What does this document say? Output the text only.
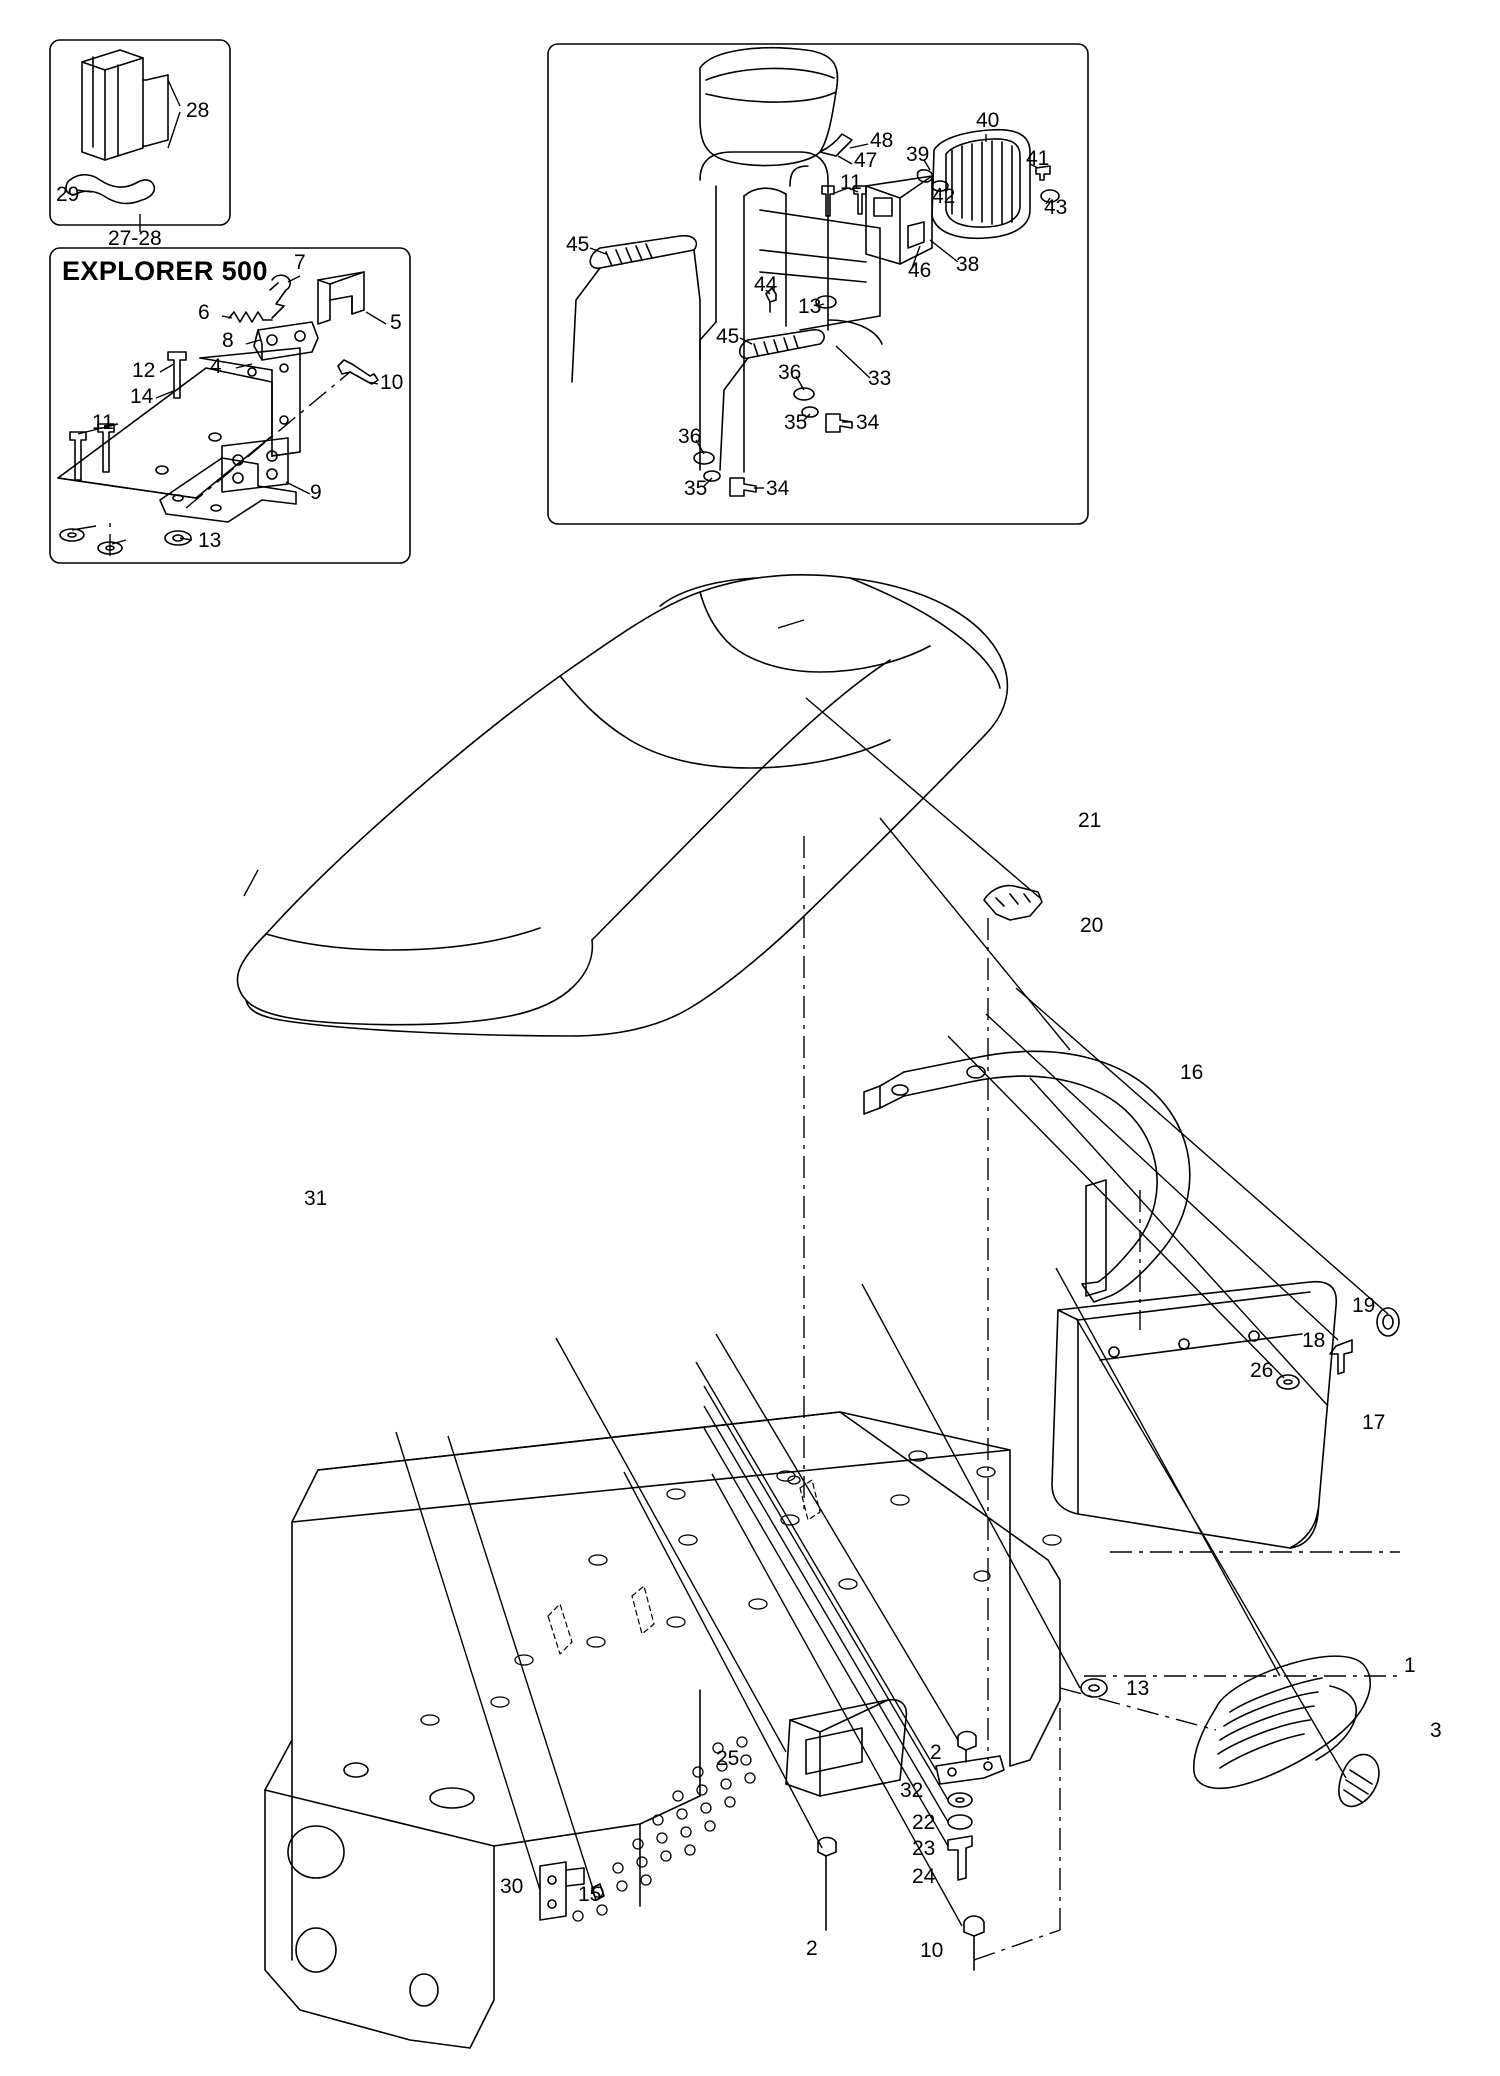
28
29
27-28
EXPLORER 500 7
6	5
8
4
12
10
14
11
9
13
40
48
39	41
47
11
42	43
45
38
46
44
13
45
33
36
35 34
36
35	34
21
20
31
16
19
18
26
17
1
3
13
25	2
32
22
23
24
30	15
2	10
